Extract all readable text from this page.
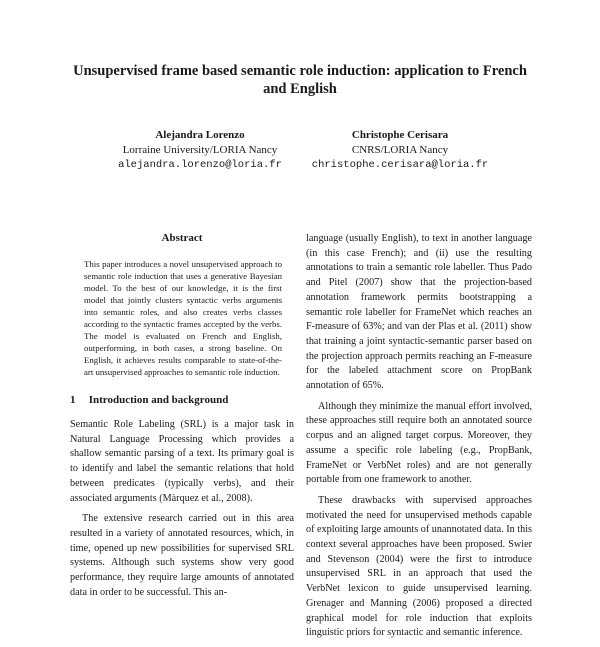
Unsupervised frame based semantic role induction: application to French and English
Alejandra Lorenzo
Lorraine University/LORIA Nancy
alejandra.lorenzo@loria.fr
Christophe Cerisara
CNRS/LORIA Nancy
christophe.cerisara@loria.fr
Abstract
This paper introduces a novel unsupervised approach to semantic role induction that uses a generative Bayesian model. To the best of our knowledge, it is the first model that jointly clusters syntactic verbs arguments into semantic roles, and also creates verbs classes according to the syntactic frames accepted by the verbs. The model is evaluated on French and English, outperforming, in both cases, a strong baseline. On English, it achieves results comparable to state-of-the-art unsupervised approaches to semantic role induction.
1 Introduction and background

Semantic Role Labeling (SRL) is a major task in Natural Language Processing which provides a shallow semantic parsing of a text. Its primary goal is to identify and label the semantic relations that hold between predicates (typically verbs), and their associated arguments (Màrquez et al., 2008).

The extensive research carried out in this area resulted in a variety of annotated resources, which, in time, opened up new possibilities for supervised SRL systems. Although such systems show very good performance, they require large amounts of annotated data in order to be successful. This an-

language (usually English), to text in another language (in this case French); and (ii) use the resulting annotations to train a semantic role labeller. Thus Pado and Pitel (2007) show that the projection-based annotation framework permits bootstrapping a semantic role labeller for FrameNet which reaches an F-measure of 63%; and van der Plas et al. (2011) show that training a joint syntactic-semantic parser based on the projection approach permits reaching an F-measure for the labeled attachment score on PropBank annotation of 65%.

Although they minimize the manual effort involved, these approaches still require both an annotated source corpus and an aligned target corpus. Moreover, they assume a specific role labeling (e.g., PropBank, FrameNet or VerbNet roles) and are not generally portable from one framework to another.

These drawbacks with supervised approaches motivated the need for unsupervised methods capable of exploiting large amounts of unannotated data. In this context several approaches have been proposed. Swier and Stevenson (2004) were the first to introduce unsupervised SRL in an approach that used the VerbNet lexicon to guide unsupervised learning. Grenager and Manning (2006) proposed a directed graphical model for role induction that exploits linguistic priors for syntactic and semantic inference.
